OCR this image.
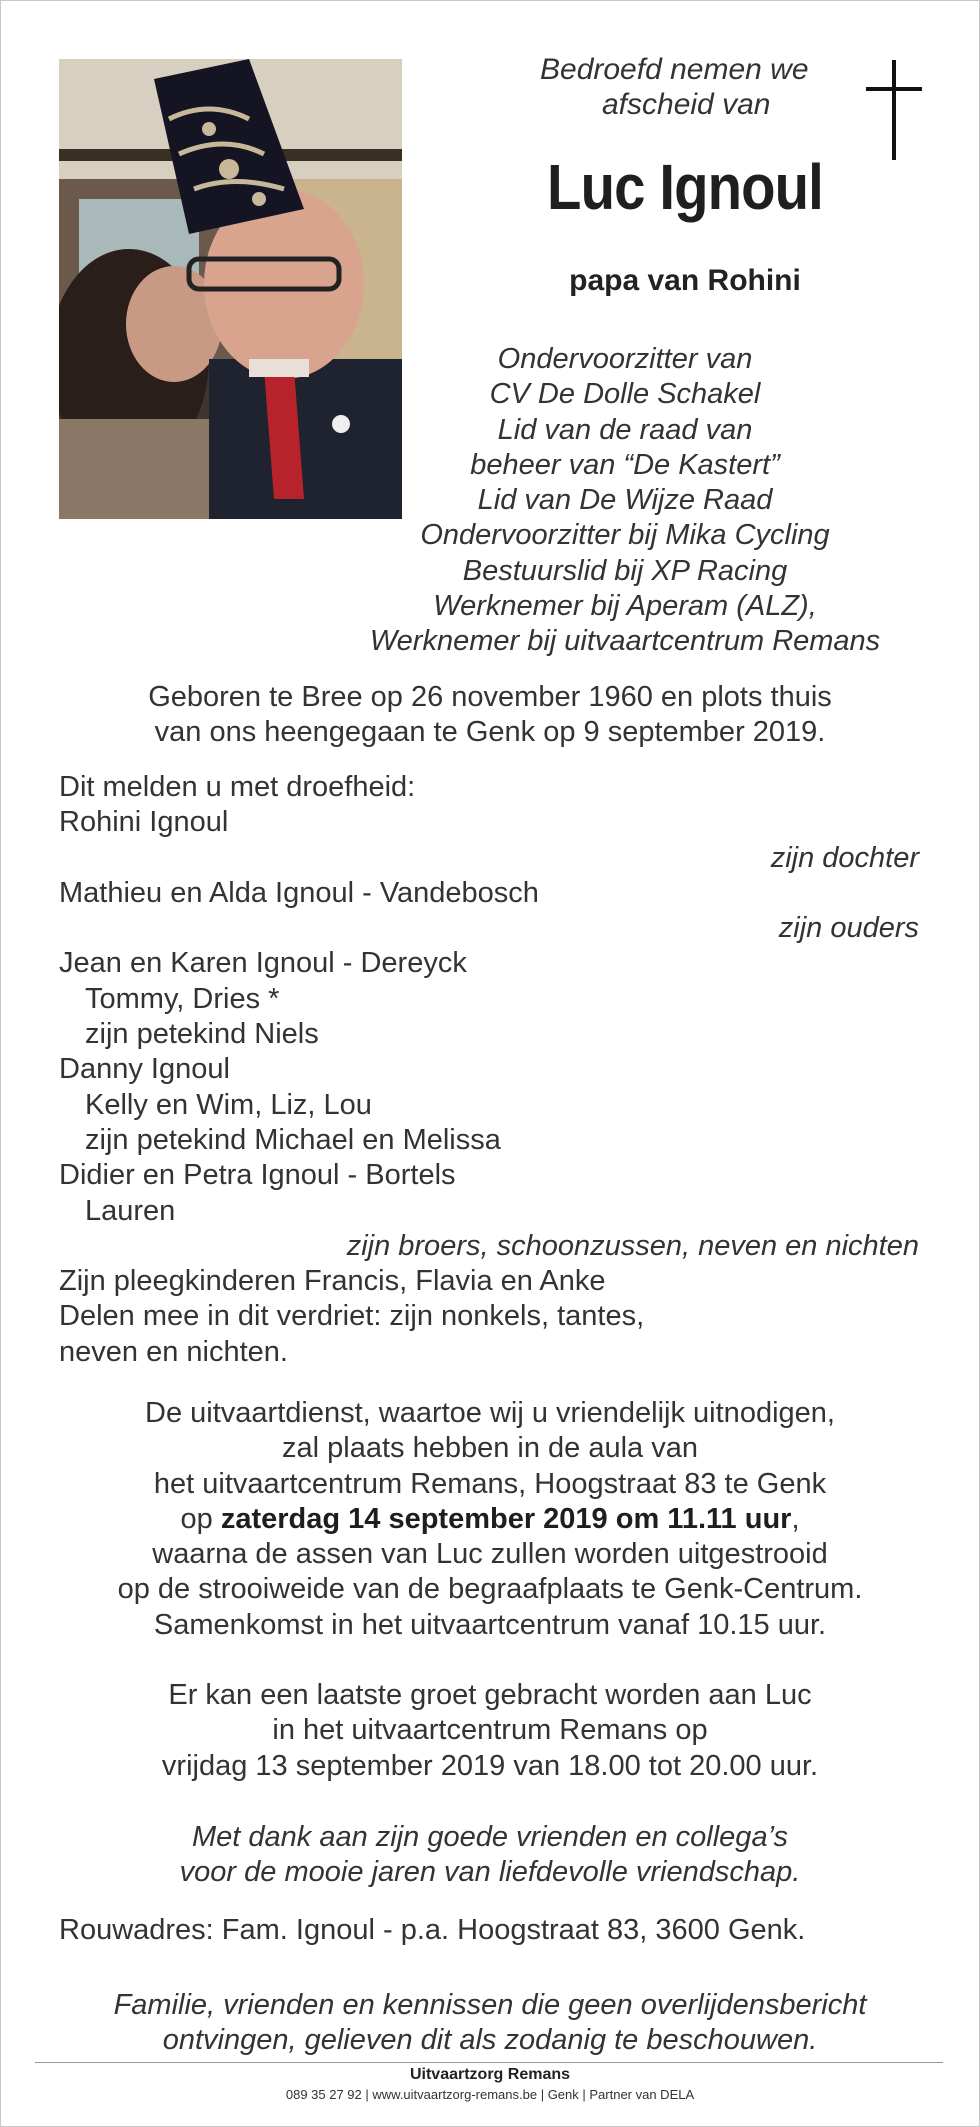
Bedroefd nemen we
afscheid van
Luc Ignoul
papa van Rohini
Ondervoorzitter van
CV De Dolle Schakel
Lid van de raad van
beheer van “De Kastert”
Lid van De Wijze Raad
Ondervoorzitter bij Mika Cycling
Bestuurslid bij XP Racing
Werknemer bij Aperam (ALZ),
Werknemer bij uitvaartcentrum Remans
Geboren te Bree op 26 november 1960 en plots thuis
van ons heengegaan te Genk op 9 september 2019.
Dit melden u met droefheid:
Rohini Ignoul
zijn dochter
Mathieu en Alda Ignoul - Vandebosch
zijn ouders
Jean en Karen Ignoul - Dereyck
Tommy, Dries *
zijn petekind Niels
Danny Ignoul
Kelly en Wim, Liz, Lou
zijn petekind Michael en Melissa
Didier en Petra Ignoul - Bortels
Lauren
zijn broers, schoonzussen, neven en nichten
Zijn pleegkinderen Francis, Flavia en Anke
Delen mee in dit verdriet: zijn nonkels, tantes,
neven en nichten.
De uitvaartdienst, waartoe wij u vriendelijk uitnodigen,
zal plaats hebben in de aula van
het uitvaartcentrum Remans, Hoogstraat 83 te Genk
op zaterdag 14 september 2019 om 11.11 uur,
waarna de assen van Luc zullen worden uitgestrooid
op de strooiweide van de begraafplaats te Genk-Centrum.
Samenkomst in het uitvaartcentrum vanaf 10.15 uur.
Er kan een laatste groet gebracht worden aan Luc
in het uitvaartcentrum Remans op
vrijdag 13 september 2019 van 18.00 tot 20.00 uur.
Met dank aan zijn goede vrienden en collega’s
voor de mooie jaren van liefdevolle vriendschap.
Rouwadres: Fam. Ignoul - p.a. Hoogstraat 83, 3600 Genk.
Familie, vrienden en kennissen die geen overlijdensbericht
ontvingen, gelieven dit als zodanig te beschouwen.
Uitvaartzorg Remans
089 35 27 92 | www.uitvaartzorg-remans.be | Genk | Partner van DELA
